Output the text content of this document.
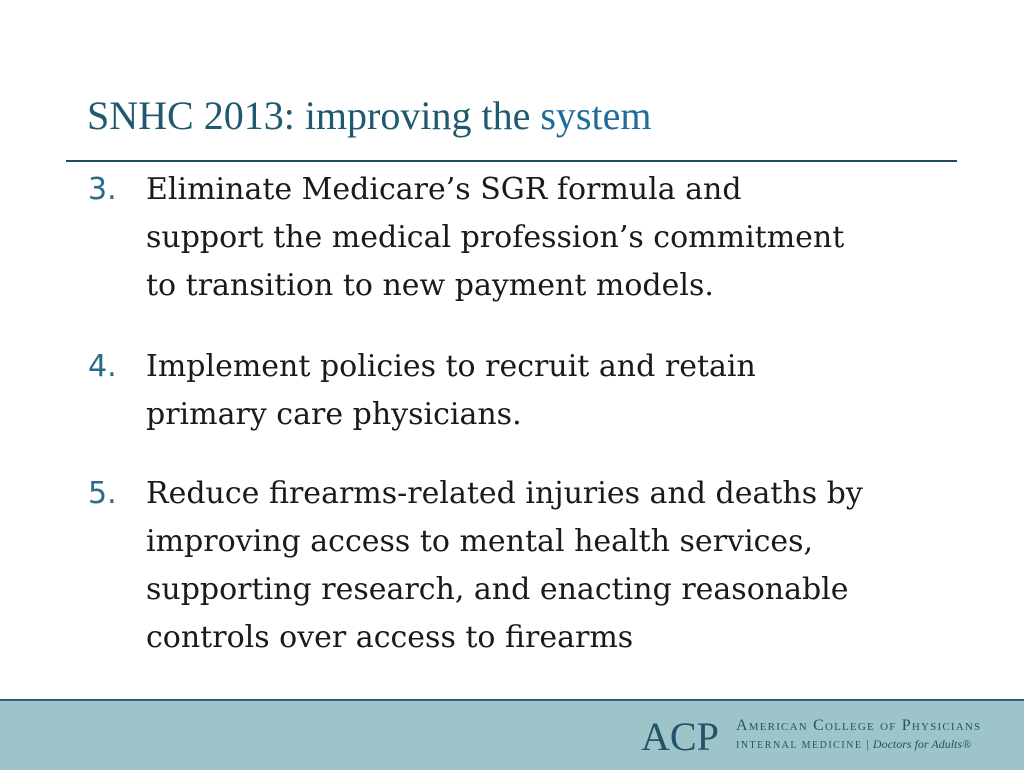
SNHC 2013: improving the system
3. Eliminate Medicare’s SGR formula and
support the medical profession’s commitment
to transition to new payment models.
4. Implement policies to recruit and retain
primary care physicians.
5. Reduce firearms-related injuries and deaths by
improving access to mental health services,
supporting research, and enacting reasonable
controls over access to firearms
ACP American College of Physicians
INTERNAL MEDICINE | Doctors for Adults®
